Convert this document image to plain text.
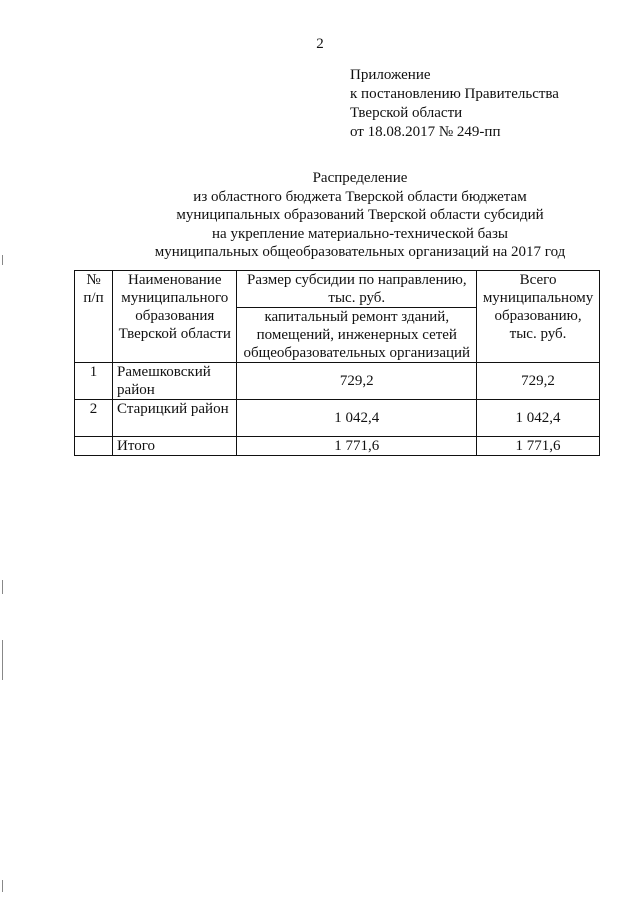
2
Приложение
к постановлению Правительства
Тверской области
от 18.08.2017 № 249-пп
Распределение
из областного бюджета Тверской области бюджетам
муниципальных образований Тверской области субсидий
на укрепление материально-технической базы
муниципальных общеобразовательных организаций на 2017 год
№ п/п	Наименование муниципального образования Тверской области	Размер субсидии по направлению, тыс. руб.	Всего муниципальному образованию, тыс. руб.
		капитальный ремонт зданий, помещений, инженерных сетей общеобразовательных организаций	
1	Рамешковский район	729,2	729,2
2	Старицкий район	1 042,4	1 042,4
	Итого	1 771,6	1 771,6
